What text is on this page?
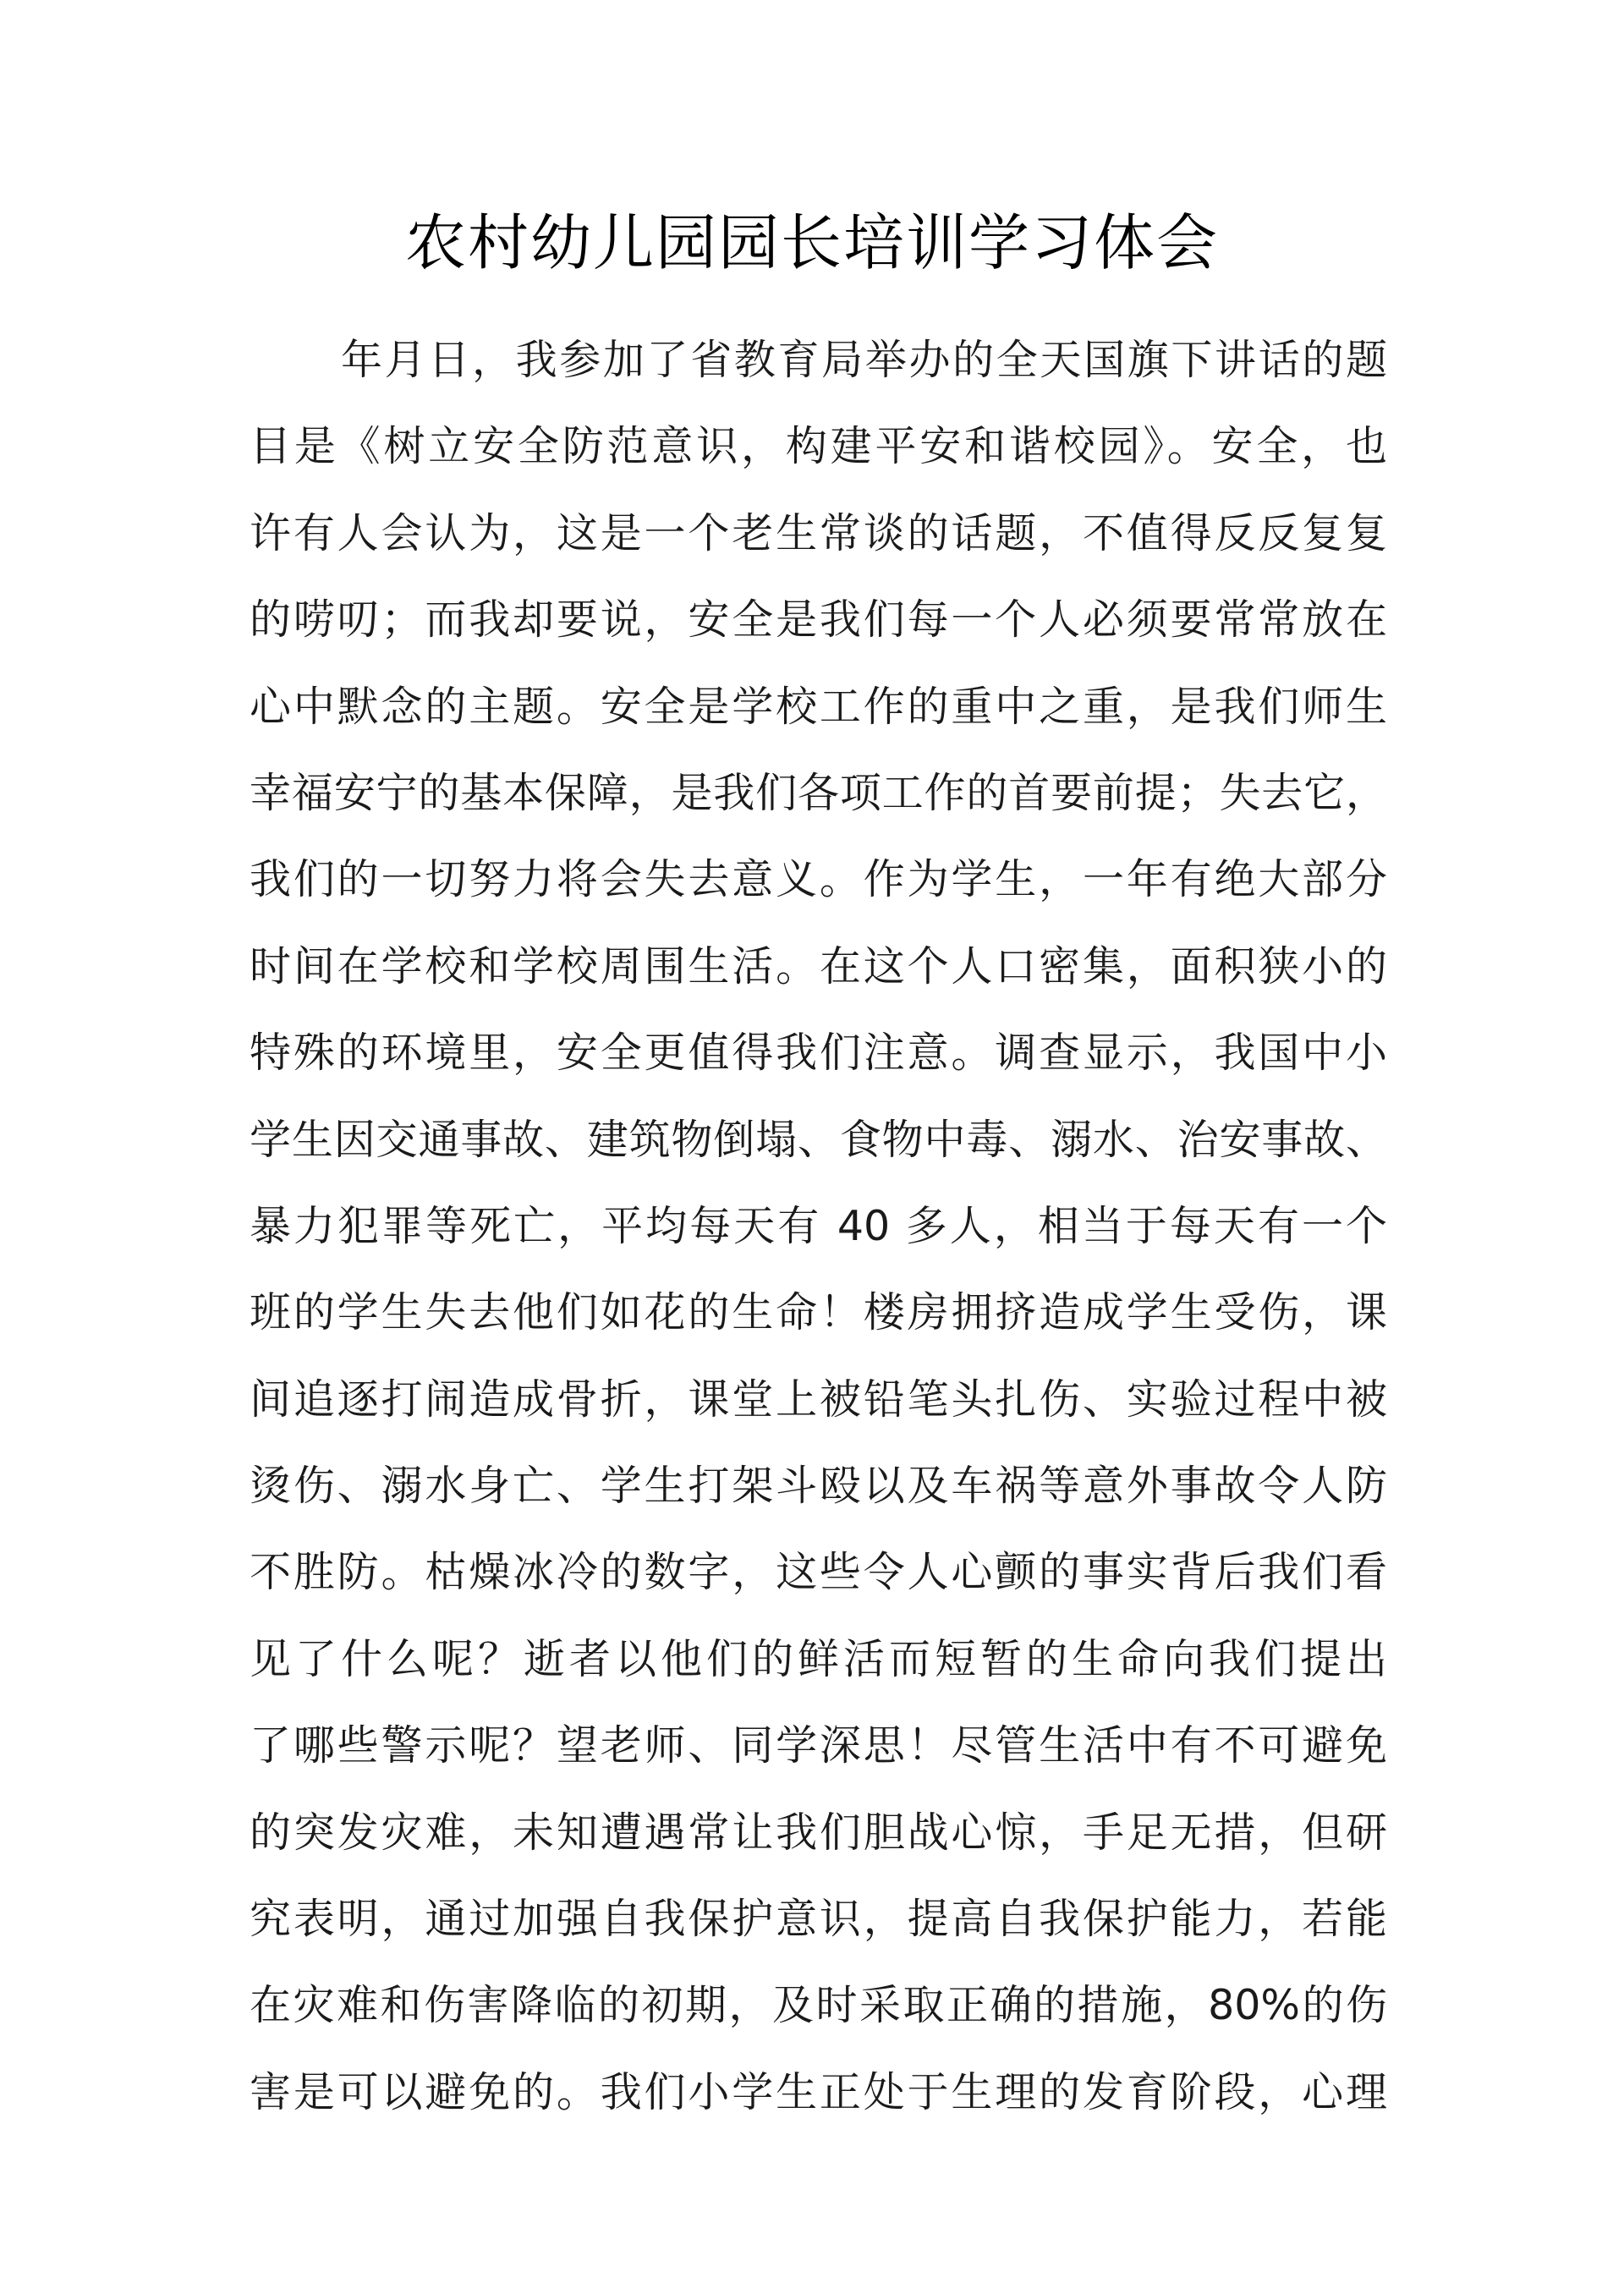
农村幼儿园园长培训学习体会
年月日，我参加了省教育局举办的全天国旗下讲话的题
目是《树立安全防范意识，构建平安和谐校园》。安全，也
许有人会认为，这是一个老生常谈的话题，不值得反反复复
的唠叨；而我却要说，安全是我们每一个人必须要常常放在
心中默念的主题。安全是学校工作的重中之重，是我们师生
幸福安宁的基本保障，是我们各项工作的首要前提；失去它，
我们的一切努力将会失去意义。作为学生，一年有绝大部分
时间在学校和学校周围生活。在这个人口密集，面积狭小的
特殊的环境里，安全更值得我们注意。调查显示，我国中小
学生因交通事故、建筑物倒塌、食物中毒、溺水、治安事故、
暴力犯罪等死亡，平均每天有 40 多人，相当于每天有一个
班的学生失去他们如花的生命！楼房拥挤造成学生受伤，课
间追逐打闹造成骨折，课堂上被铅笔头扎伤、实验过程中被
烫伤、溺水身亡、学生打架斗殴以及车祸等意外事故令人防
不胜防。枯燥冰冷的数字，这些令人心颤的事实背后我们看
见了什么呢？逝者以他们的鲜活而短暂的生命向我们提出
了哪些警示呢？望老师、同学深思！尽管生活中有不可避免
的突发灾难，未知遭遇常让我们胆战心惊，手足无措，但研
究表明，通过加强自我保护意识，提高自我保护能力，若能
在灾难和伤害降临的初期，及时采取正确的措施，80%的伤
害是可以避免的。我们小学生正处于生理的发育阶段，心理
